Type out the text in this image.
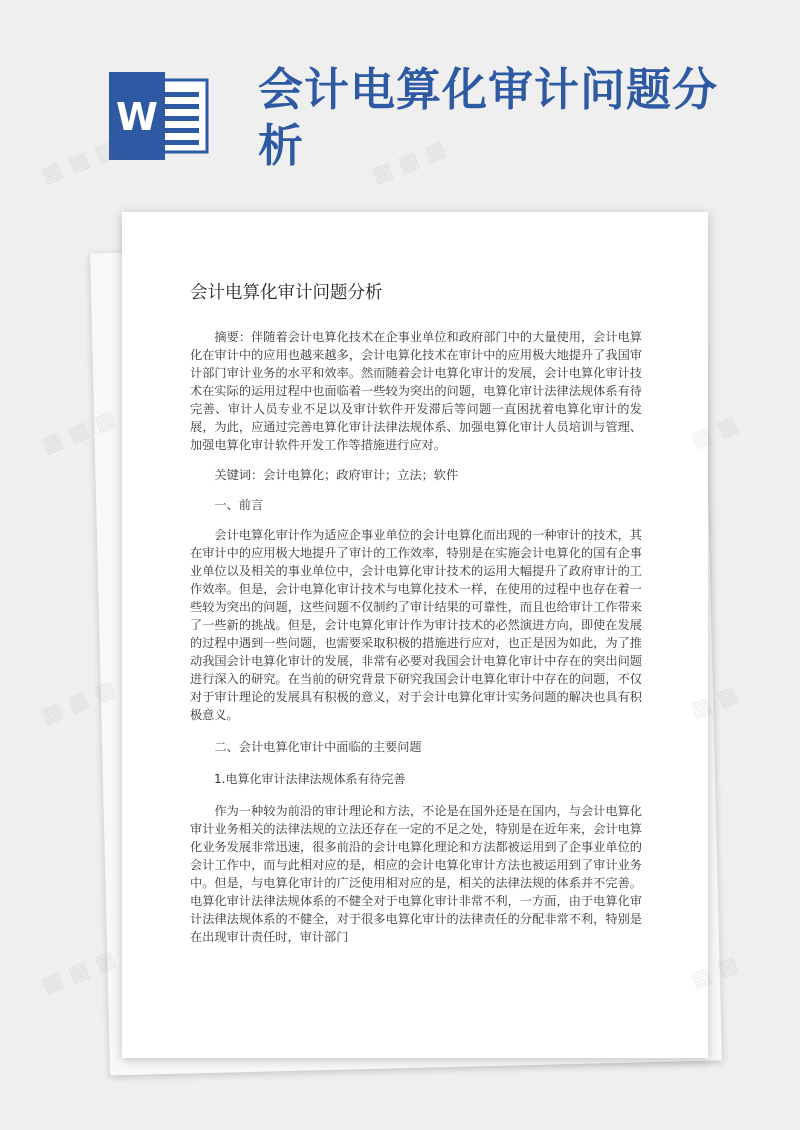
W
会计电算化审计问题分析
会计电算化审计问题分析

摘要：伴随着会计电算化技术在企事业单位和政府部门中的大量使用，会计电算化在审计中的应用也越来越多，会计电算化技术在审计中的应用极大地提升了我国审计部门审计业务的水平和效率。然而随着会计电算化审计的发展，会计电算化审计技术在实际的运用过程中也面临着一些较为突出的问题，电算化审计法律法规体系有待完善、审计人员专业不足以及审计软件开发滞后等问题一直困扰着电算化审计的发展，为此，应通过完善电算化审计法律法规体系、加强电算化审计人员培训与管理、加强电算化审计软件开发工作等措施进行应对。

关键词：会计电算化；政府审计；立法；软件

一、前言

会计电算化审计作为适应企事业单位的会计电算化而出现的一种审计的技术，其在审计中的应用极大地提升了审计的工作效率，特别是在实施会计电算化的国有企事业单位以及相关的事业单位中，会计电算化审计技术的运用大幅提升了政府审计的工作效率。但是，会计电算化审计技术与电算化技术一样，在使用的过程中也存在着一些较为突出的问题，这些问题不仅制约了审计结果的可靠性，而且也给审计工作带来了一些新的挑战。但是，会计电算化审计作为审计技术的必然演进方向，即使在发展的过程中遇到一些问题，也需要采取积极的措施进行应对，也正是因为如此，为了推动我国会计电算化审计的发展，非常有必要对我国会计电算化审计中存在的突出问题进行深入的研究。在当前的研究背景下研究我国会计电算化审计中存在的问题，不仅对于审计理论的发展具有积极的意义，对于会计电算化审计实务问题的解决也具有积极意义。

二、会计电算化审计中面临的主要问题

1.电算化审计法律法规体系有待完善

作为一种较为前沿的审计理论和方法，不论是在国外还是在国内，与会计电算化审计业务相关的法律法规的立法还存在一定的不足之处，特别是在近年来，会计电算化业务发展非常迅速，很多前沿的会计电算化理论和方法都被运用到了企事业单位的会计工作中，而与此相对应的是，相应的会计电算化审计方法也被运用到了审计业务中。但是，与电算化审计的广泛使用相对应的是，相关的法律法规的体系并不完善。电算化审计法律法规体系的不健全对于电算化审计非常不利，一方面，由于电算化审计法律法规体系的不健全，对于很多电算化审计的法律责任的分配非常不利，特别是在出现审计责任时，审计部门

▦ ▦ ▦	▦ ▦ ▦
▦ ▦ ▦	▦ ▦
▦ ▦ ▦	▦ ▦
▦ ▦ ▦	▦
